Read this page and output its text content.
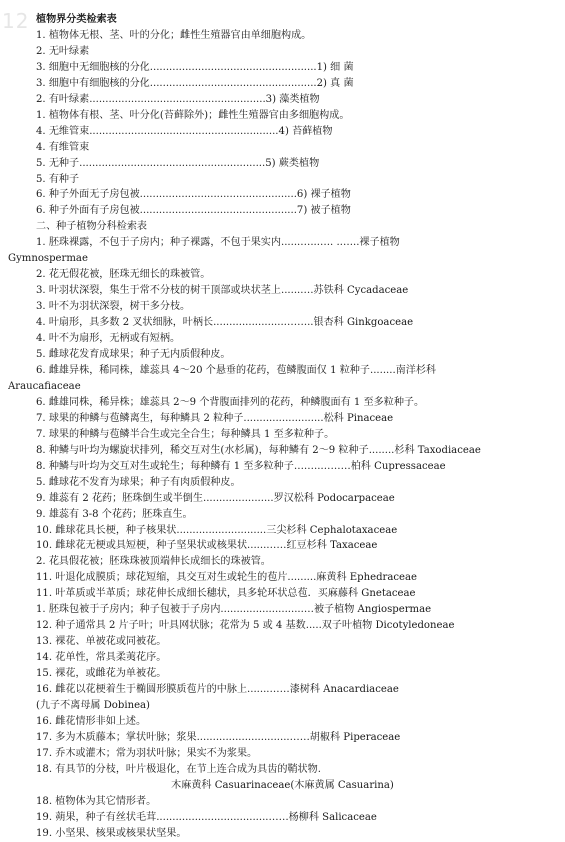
12 植物界分类检索表
1. 植物体无根、茎、叶的分化；雌性生殖器官由单细胞构成。
2. 无叶绿素
3. 细胞中无细胞核的分化....................................................1) 细 菌
3. 细胞中有细胞核的分化....................................................2) 真 菌
2. 有叶绿素.......................................................3) 藻类植物
1. 植物体有根、茎、叶分化(苔藓除外)；雌性生殖器官由多细胞构成。
4. 无维管束...........................................................4) 苔藓植物
4. 有维管束
5. 无种子..........................................................5) 蕨类植物
5. 有种子
6. 种子外面无子房包被.................................................6) 裸子植物
6. 种子外面有子房包被.................................................7) 被子植物
二、种子植物分科检索表
1. 胚珠裸露，不包于子房内；种子裸露，不包于果实内......…...…. .…...裸子植物
Gymnospermae
2. 花无假花被，胚珠无细长的珠被管。
3. 叶羽状深裂，集生于常不分枝的树干顶部或块状茎上.......…苏铁科 Cycadaceae
3. 叶不为羽状深裂，树干多分枝。
4. 叶扇形，具多数 2 叉状细脉，叶柄长......................……...银杏科 Ginkgoaceae
4. 叶不为扇形，无柄或有短柄。
5. 雌球花发育成球果；种子无内质假种皮。
6. 雌雄异株，稀同株，雄蕊具 4～20 个悬垂的花药，苞鳞腹面仅 1 粒种子........南洋杉科
Araucafiaceae
6. 雌雄同株，稀异株；雄蕊具 2～9 个背腹面排列的花药，种鳞腹面有 1 至多粒种子。
7. 球果的种鳞与苞鳞离生，每种鳞具 2 粒种子.........................松科 Pinaceae
7. 球果的种鳞与苞鳞半合生或完全合生；每种鳞具 1 至多粒种子。
8. 种鳞与叶均为螺旋状排列，稀交互对生(水杉属)，每种鳞有 2～9 粒种子........杉科 Taxodiaceae
8. 种鳞与叶均为交互对生或轮生；每种鳞有 1 至多粒种子……..………柏科 Cupressaceae
5. 雌球花不发育为球果；种子有肉质假种皮。
9. 雄蕊有 2 花药；胚珠倒生或半倒生......................罗汉松科 Podocarpaceae
9. 雄蕊有 3-8 个花药；胚珠直生。
10. 雌球花具长梗，种子核果状............................三尖杉科 Cephalotaxaceae
10. 雌球花无梗或具短梗，种子坚果状或核果状......……红豆杉科 Taxaceae
2. 花具假花被；胚珠珠被顶端伸长成细长的珠被管。
11. 叶退化成膜质；球花短缩，具交互对生或轮生的苞片.........麻黄科 Ephedraceae
11. 叶革质或半革质；球花伸长成细长穗状，具多轮环状总苞．买麻藤科 Gnetaceae
1. 胚珠包被于子房内；种子包被于子房内..........................…被子植物 Angiospermae
12. 种子通常具 2 片子叶；叶具网状脉；花常为 5 或 4 基数.....双子叶植物 Dicotyledoneae
13. 裸花、单被花或同被花。
14. 花单性，常具柔荑花序。
15. 裸花，或雌花为单被花。
16. 雌花以花梗着生于椭圆形膜质苞片的中脉上.......……漆树科 Anacardiaceae
(九子不离母属 Dobinea)
16. 雌花情形非如上述。
17. 多为木质藤本；掌状叶脉；浆果.............................……胡椒科 Piperaceae
17. 乔木或灌木；常为羽状叶脉；果实不为浆果。
18. 有具节的分枝，叶片极退化，在节上连合成为具齿的鞘状物.
木麻黄科 Casuarinaceae(木麻黄属 Casuarina)
18. 植物体为其它情形者。
19. 蒴果，种子有丝状毛茸...................................……杨柳科 Salicaceae
19. 小坚果、核果或核果状坚果。
